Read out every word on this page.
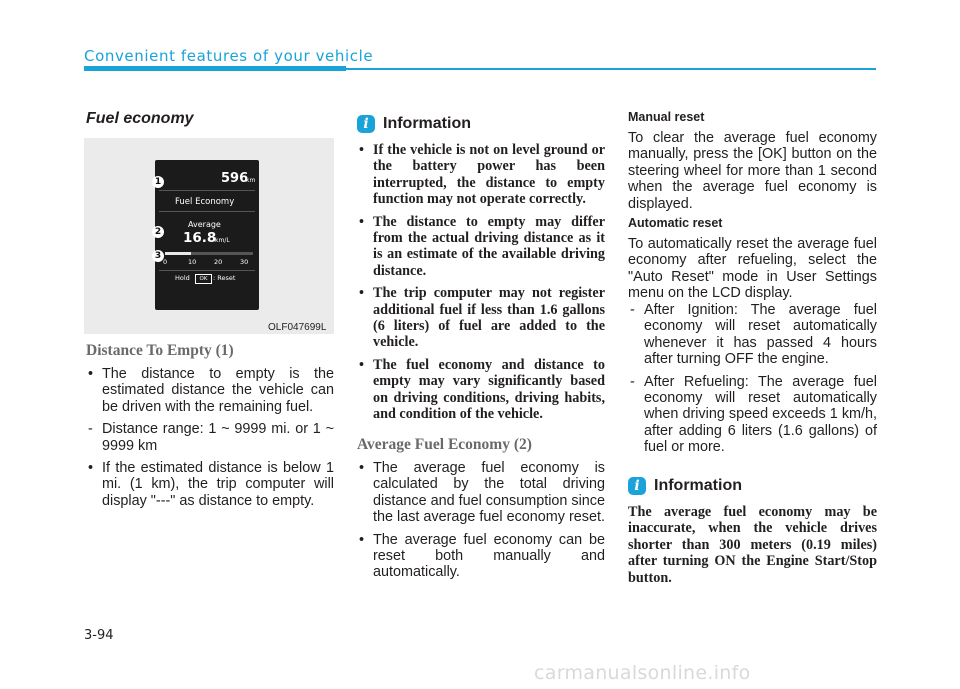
Convenient features of your vehicle
Fuel economy
596
km
Fuel Economy
Average
16.8
km/L
0	10	20	30
Hold	OK : Reset
1
2
3
OLF047699L
Distance To Empty (1)
• The distance to empty is the estimated distance the vehicle can be driven with the remaining fuel.
- Distance range: 1 ~ 9999 mi. or 1 ~ 9999 km
• If the estimated distance is below 1 mi. (1 km), the trip computer will display "---" as distance to empty.
i Information
• If the vehicle is not on level ground or the battery power has been interrupted, the distance to empty function may not operate correctly.
• The distance to empty may differ from the actual driving distance as it is an estimate of the available driving distance.
• The trip computer may not register additional fuel if less than 1.6 gallons (6 liters) of fuel are added to the vehicle.
• The fuel economy and distance to empty may vary significantly based on driving conditions, driving habits, and condition of the vehicle.
Average Fuel Economy (2)
• The average fuel economy is calculated by the total driving distance and fuel consumption since the last average fuel economy reset.
• The average fuel economy can be reset both manually and automatically.
Manual reset
To clear the average fuel economy manually, press the [OK] button on the steering wheel for more than 1 second when the average fuel economy is displayed.
Automatic reset
To automatically reset the average fuel economy after refueling, select the "Auto Reset" mode in User Settings menu on the LCD display.
- After Ignition: The average fuel economy will reset automatically whenever it has passed 4 hours after turning OFF the engine.
- After Refueling: The average fuel economy will reset automatically when driving speed exceeds 1 km/h, after adding 6 liters (1.6 gallons) of fuel or more.
i Information
The average fuel economy may be inaccurate, when the vehicle drives shorter than 300 meters (0.19 miles) after turning ON the Engine Start/Stop button.
3-94
carmanualsonline.info
